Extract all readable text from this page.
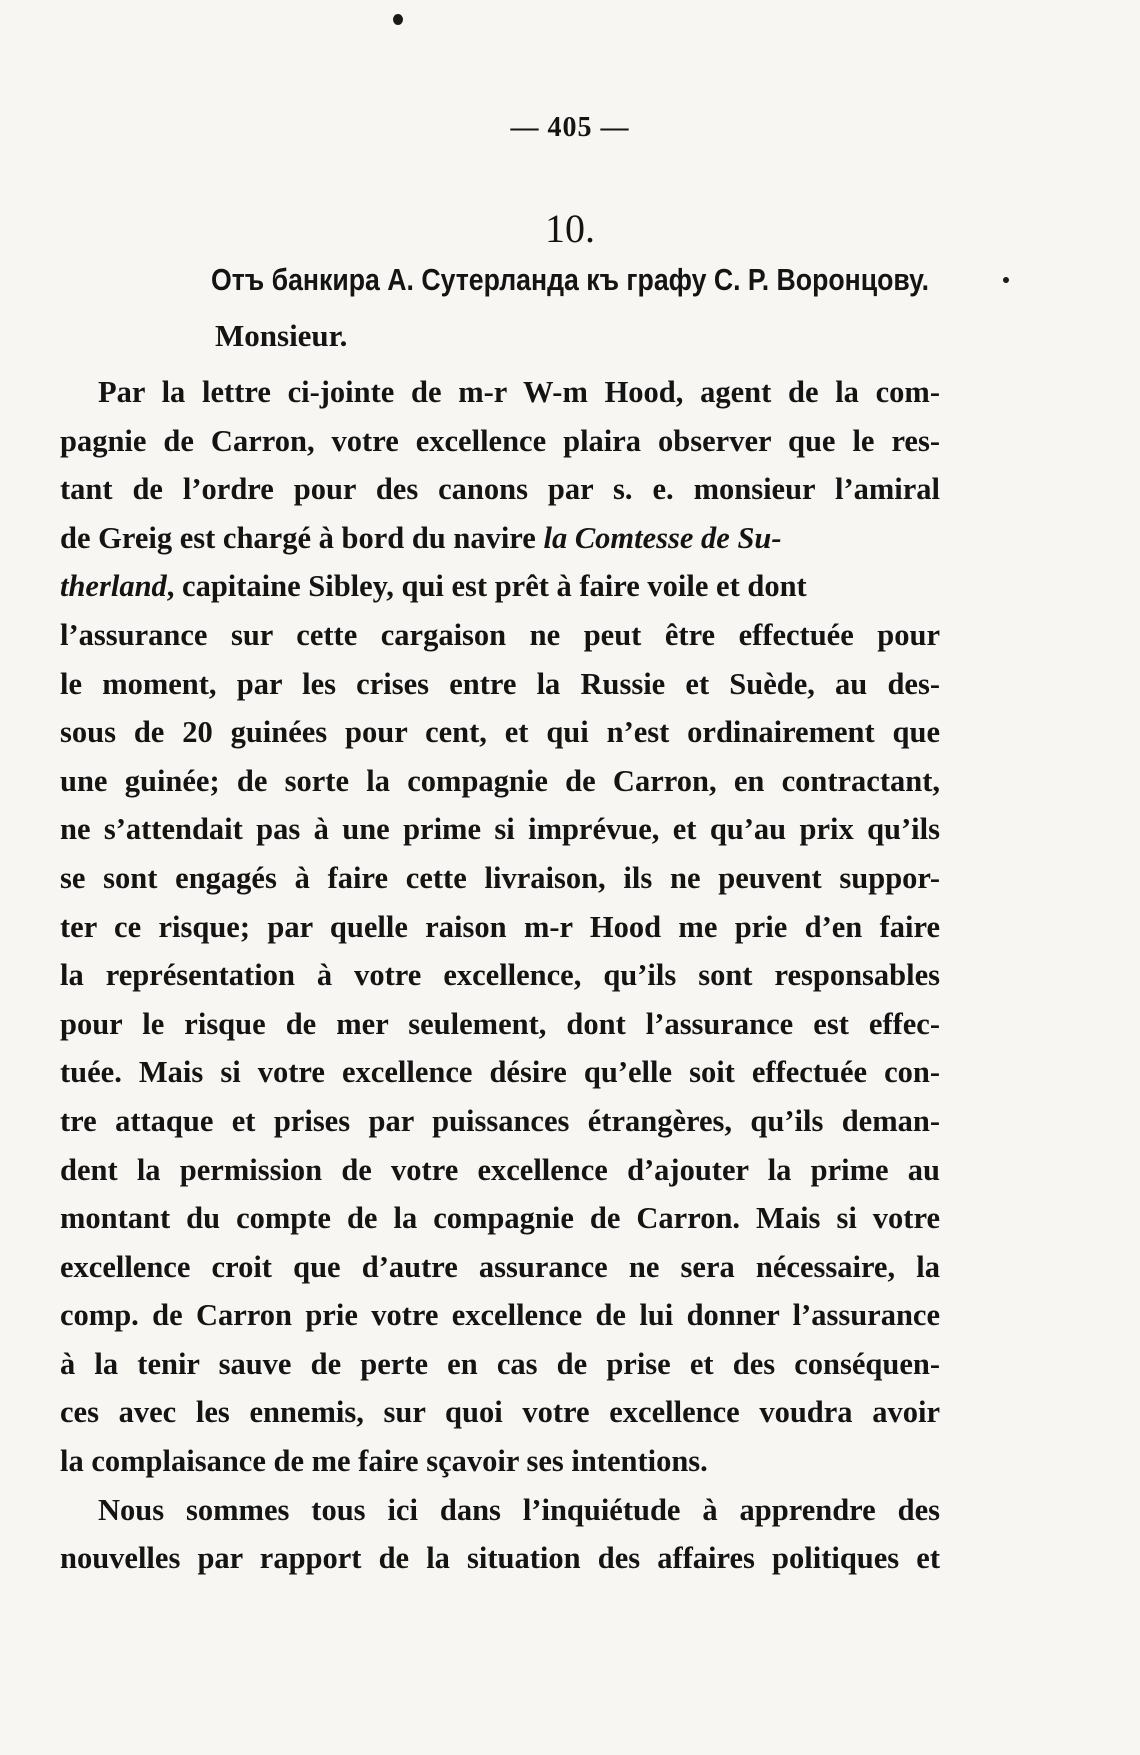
— 405 —
10.
Отъ банкира А. Сутерланда къ графу С. Р. Воронцову.
Monsieur.
Par la lettre ci-jointe de m-r W-m Hood, agent de la com-
pagnie de Carron, votre excellence plaira observer que le res-
tant de l’ordre pour des canons par s. e. monsieur l’amiral
de Greig est chargé à bord du navire la Comtesse de Su-
therland, capitaine Sibley, qui est prêt à faire voile et dont
l’assurance sur cette cargaison ne peut être effectuée pour
le moment, par les crises entre la Russie et Suède, au des-
sous de 20 guinées pour cent, et qui n’est ordinairement que
une guinée; de sorte la compagnie de Carron, en contractant,
ne s’attendait pas à une prime si imprévue, et qu’au prix qu’ils
se sont engagés à faire cette livraison, ils ne peuvent suppor-
ter ce risque; par quelle raison m-r Hood me prie d’en faire
la représentation à votre excellence, qu’ils sont responsables
pour le risque de mer seulement, dont l’assurance est effec-
tuée. Mais si votre excellence désire qu’elle soit effectuée con-
tre attaque et prises par puissances étrangères, qu’ils deman-
dent la permission de votre excellence d’ajouter la prime au
montant du compte de la compagnie de Carron. Mais si votre
excellence croit que d’autre assurance ne sera nécessaire, la
comp. de Carron prie votre excellence de lui donner l’assurance
à la tenir sauve de perte en cas de prise et des conséquen-
ces avec les ennemis, sur quoi votre excellence voudra avoir
la complaisance de me faire sçavoir ses intentions.
Nous sommes tous ici dans l’inquiétude à apprendre des
nouvelles par rapport de la situation des affaires politiques et
